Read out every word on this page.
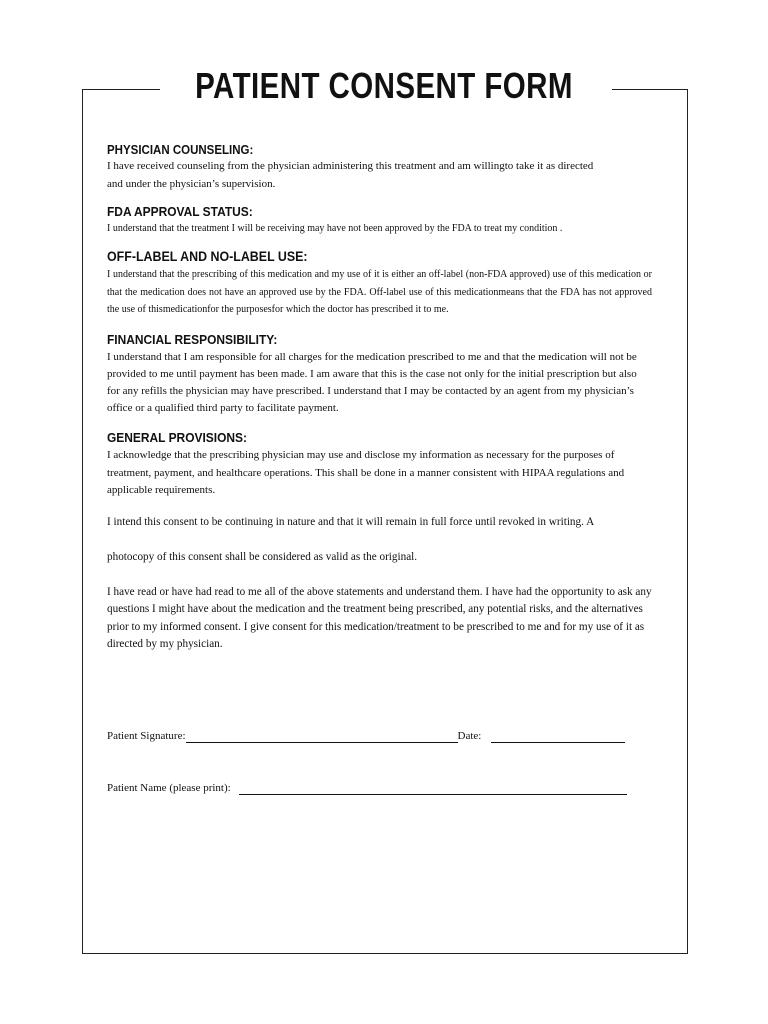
PATIENT CONSENT FORM
PHYSICIAN COUNSELING:

I have received counseling from the physician administering this treatment and am willingto take it as directed and under the physician’s supervision.

FDA APPROVAL STATUS:

I understand that the treatment I will be receiving may have not been approved by the FDA to treat my condition .

OFF-LABEL AND NO-LABEL USE:

I understand that the prescribing of this medication and my use of it is either an off-label (non-FDA approved) use of this medication or that the medication does not have an approved use by the FDA. Off-label use of this medicationmeans that the FDA has not approved the use of thismedicationfor the purposesfor which the doctor has prescribed it to me.

FINANCIAL RESPONSIBILITY:

I understand that I am responsible for all charges for the medication prescribed to me and that the medication will not be provided to me until payment has been made. I am aware that this is the case not only for the initial prescription but also for any refills the physician may have prescribed. I understand that I may be contacted by an agent from my physician’s office or a qualified third party to facilitate payment.

GENERAL PROVISIONS:

I acknowledge that the prescribing physician may use and disclose my information as necessary for the purposes of treatment, payment, and healthcare operations. This shall be done in a manner consistent with HIPAA regulations and applicable requirements.

I intend this consent to be continuing in nature and that it will remain in full force until revoked in writing. A

photocopy of this consent shall be considered as valid as the original.

I have read or have had read to me all of the above statements and understand them. I have had the opportunity to ask any questions I might have about the medication and the treatment being prescribed, any potential risks, and the alternatives prior to my informed consent. I give consent for this medication/treatment to be prescribed to me and for my use of it as directed by my physician.

Patient Signature:	Date:
Patient Name (please print):
